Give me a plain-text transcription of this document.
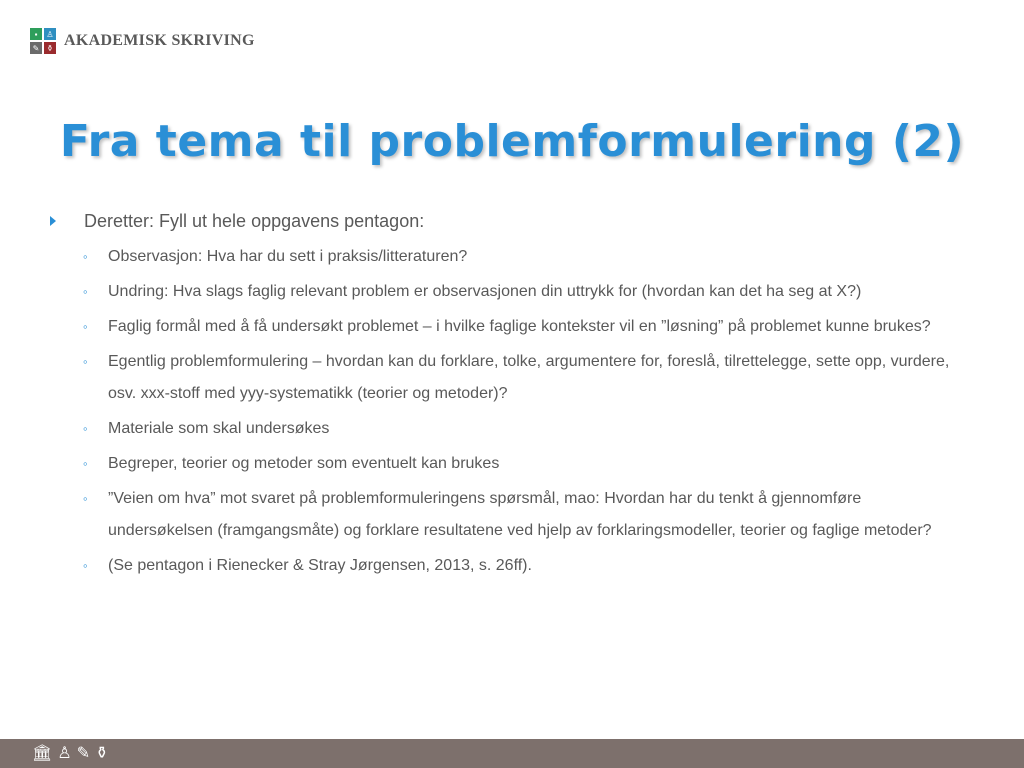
▪	♙
✎ ⚱ AKADEMISK SKRIVING
Fra tema til problemformulering (2)
Deretter: Fyll ut hele oppgavens pentagon:
◦	Observasjon: Hva har du sett i praksis/litteraturen?
◦	Undring: Hva slags faglig relevant problem er observasjonen din uttrykk for (hvordan kan det ha seg at X?)
◦	Faglig formål med å få undersøkt problemet – i hvilke faglige kontekster vil en ”løsning” på problemet kunne brukes?
◦	Egentlig problemformulering – hvordan kan du forklare, tolke, argumentere for, foreslå, tilrettelegge, sette opp, vurdere, osv. xxx-stoff med yyy-systematikk (teorier og metoder)?
◦	Materiale som skal undersøkes
◦	Begreper, teorier og metoder som eventuelt kan brukes
◦	”Veien om hva” mot svaret på problemformuleringens spørsmål, mao: Hvordan har du tenkt å gjennomføre undersøkelsen (framgangsmåte) og forklare resultatene ved hjelp av forklaringsmodeller, teorier og faglige metoder?
◦	(Se pentagon i Rienecker & Stray Jørgensen, 2013, s. 26ff).
🏛 ♙ ✎ ⚱
